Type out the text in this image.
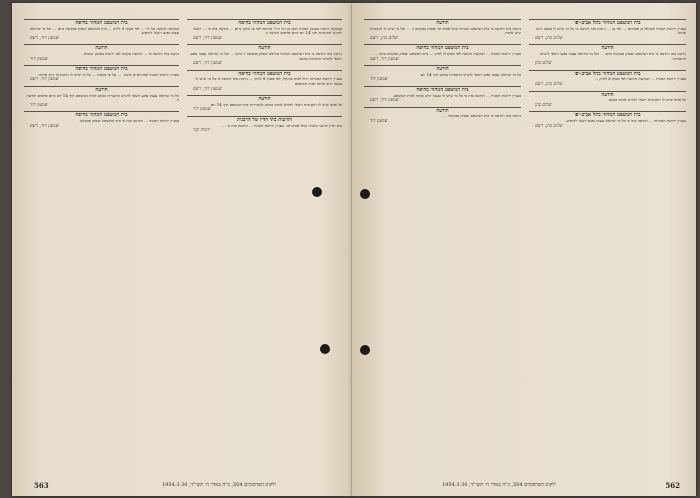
בית המשפט המחוזי בחיפה
בבקשת ירושה בעזבון המנוח יוסף בן דוד הי"ו מחיפה לפי צו שנתן ביום ... הודעה בזה כי ... רשאי להגיש התנגדות תוך 14 יום מיום פרסום הודעה זו.
שמעון דור, רשם
הודעה
ניתנת בזה הודעה כי בית המשפט המחוזי בחיפה יעסוק בבקשה זו ביום ... וכל מי שרואה עצמו נפגע רשאי להגיש התנגדות בכתב.
שמעון דור, רשם
בית המשפט המחוזי בחיפה
בעניין ירושת המנוחה רחל לבית פרנקל, לפי סעיף 8 לחוק ... ניתנת בזה הודעה כי כל מי שיש לו טענה יגיש אותה לבית המשפט.
שמעון דור, רשם
הודעה
כל אדם שיש לו התנגדות רשאי להגיש אותה בכתב למזכירות בית המשפט תוך 14 יום.
שמעון דור
הודעות בתי הדין של הרבנות
בית הדין הרבני האזורי בתל אביב-יפו. בעניין ירושת המנוח ... הודעה בזה כי ...
ירמיה קנר
בית המשפט המחוזי בחיפה
הבקשה הוגשה על ידי ... לפי סעיף 9 לחוק ... בית המשפט יעסוק בבקשה ביום ... וכל מי שרואה עצמו נפגע רשאי להופיע.
שמעון דור, רשם
הודעה
ניתנת בזה הודעה כי ... הוגשה בקשה לצו ירושה בעזבון המנוח.
שמעון דור
בית המשפט המחוזי בחיפה
בעניין ירושת המנוח אברהם בן משה, ... על פי בקשת ... כל מי שיש לו התנגדות יגיש אותה.
שמעון דור, רשם
הודעה
כל מי שרואה עצמו נפגע רשאי להגיש התנגדות בכתב לבית המשפט תוך 14 יום מיום פרסום הודעה זו.
שמעון דור
בית המשפט המחוזי בחיפה
בעניין ירושת המנוח ... הודעה בזה כי בית המשפט יעסוק בבקשה.
שמעון דור, רשם
ילקוט הפרסומים 504, כ"ה באדר ה׳ תשי"ד, 1954.3.30
563
בית המשפט המחוזי בתל אביב-יפו
בעניין ירושת המנוח שמואל בן אברהם ... לפי צו ... ניתנת בזה הודעה כי כל מי שיש לו טענה יגיש אותה.
שלום כהן, רשם
הודעה
ניתנת בזה הודעה כי בית המשפט יעסוק בבקשה ביום ... וכל מי שרואה עצמו נפגע רשאי להגיש התנגדות.
שלום כהן
בית המשפט המחוזי בתל אביב-יפו
בעניין ירושת המנוח ... הבקשה הוגשה לפי סעיף 8 לחוק ...
שלום כהן, רשם
הודעה
כל אדם שיש לו התנגדות רשאי להגיש אותה בכתב.
שלום כהן
בית המשפט המחוזי בתל אביב-יפו
בעניין ירושת המנוחה ... הודעה בזה כי כל מי שרואה עצמו נפגע רשאי להופיע.
שלום כהן, רשם
הודעה
ניתנת בזה הודעה כי בית המשפט המחוזי בתל אביב-יפו יעסוק בבקשה זו ... וכל מי שיש לו התנגדות יגיש אותה.
שלום כהן, רשם
בית המשפט המחוזי בחיפה
בעניין ירושת המנוח ... הבקשה הוגשה לפי סעיף 9 לחוק ... בית המשפט יעסוק בבקשה ביום ...
שמעון דור, רשם
הודעה
כל מי שרואה עצמו נפגע רשאי להגיש התנגדות בכתב תוך 14 יום.
שמעון דור
בית המשפט המחוזי בחיפה
בעניין ירושת המנוח ... הודעה בזה כי כל מי שיש לו טענה יגיש אותה לבית המשפט.
שמעון דור, רשם
הודעה
ניתנת בזה הודעה כי בית המשפט יעסוק בבקשה ...
שמעון דור
ילקוט הפרסומים 504, כ"ה באדר ה׳ תשי"ד, 1954.3.30	562
